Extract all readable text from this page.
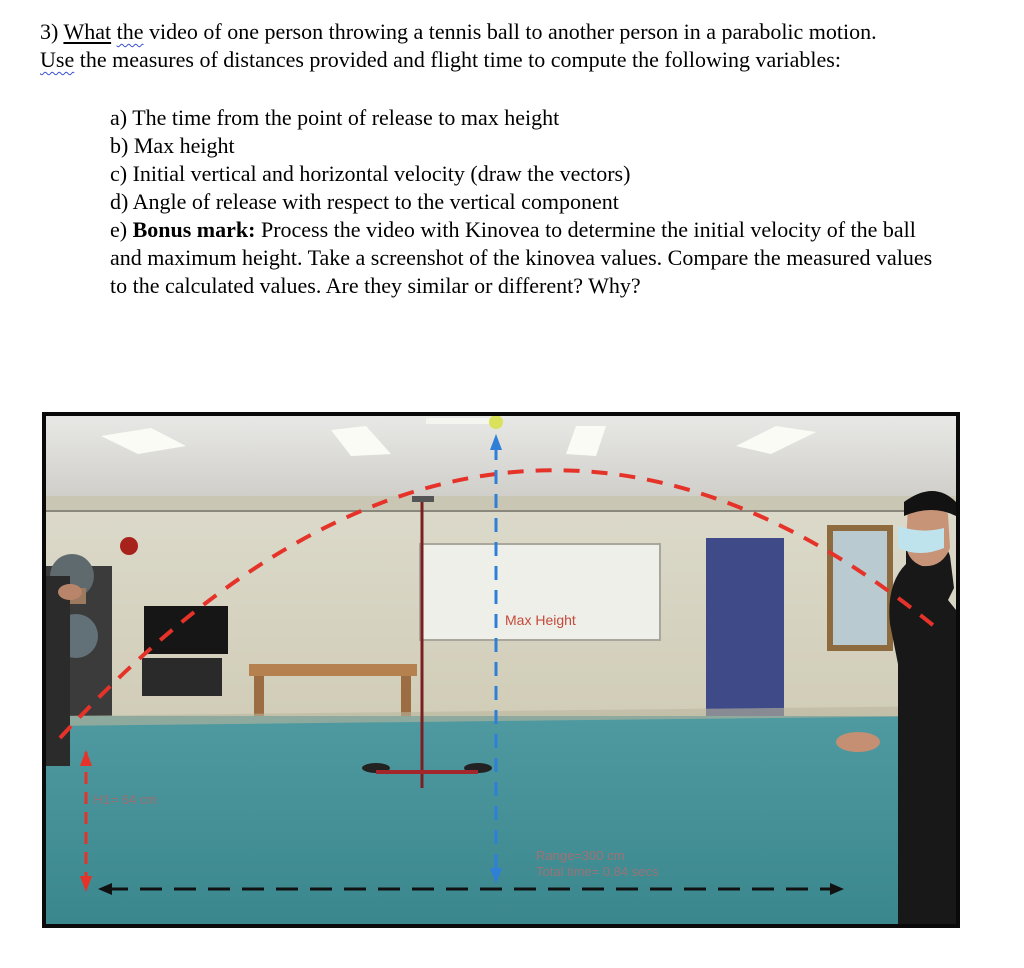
3) What the video of one person throwing a tennis ball to another person in a parabolic motion.
Use the measures of distances provided and flight time to compute the following variables:
a) The time from the point of release to max height
b) Max height
c) Initial vertical and horizontal velocity (draw the vectors)
d) Angle of release with respect to the vertical component
e) Bonus mark: Process the video with Kinovea to determine the initial velocity of the ball and maximum height. Take a screenshot of the kinovea values. Compare the measured values to the calculated values. Are they similar or different? Why?
Max Height
H1= 64 cm
Range=300 cm
Total time= 0.84 secs
